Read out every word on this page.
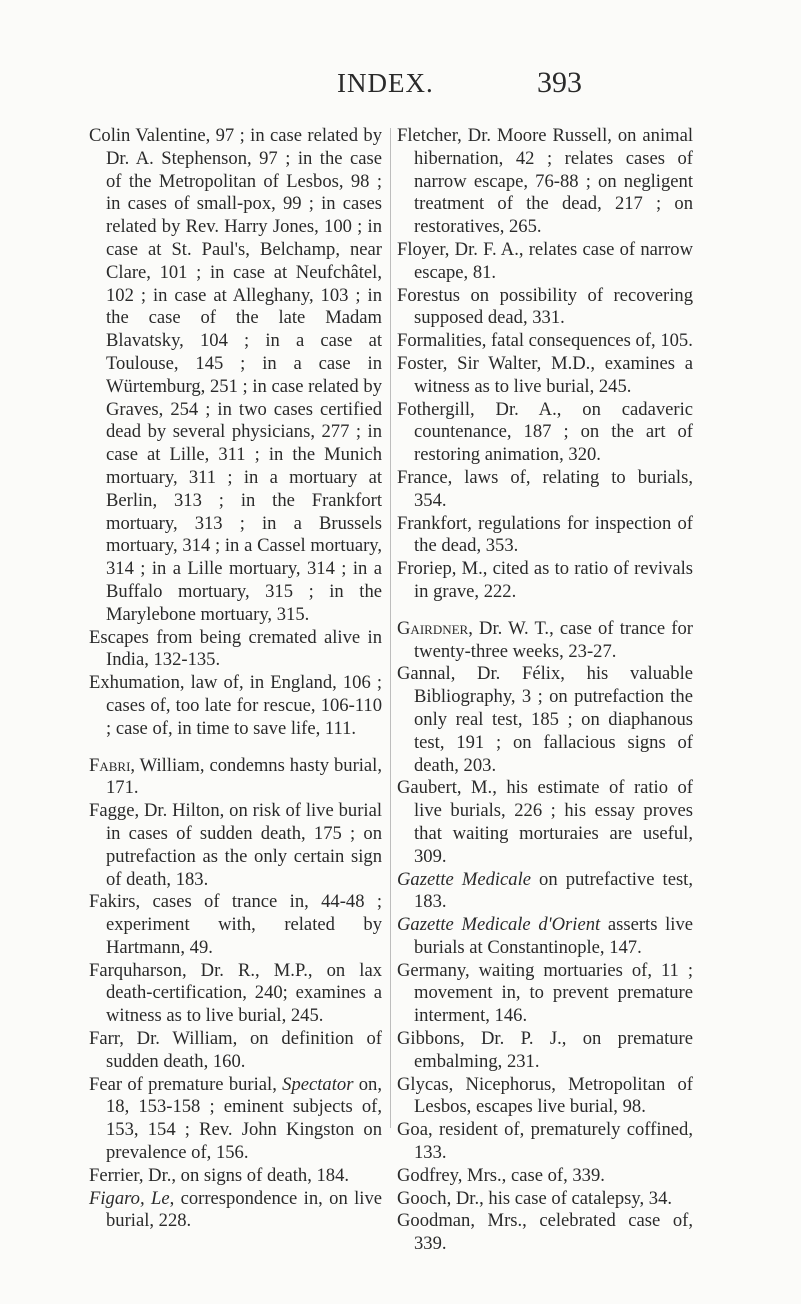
INDEX.	393
Colin Valentine, 97 ; in case related by Dr. A. Stephenson, 97 ; in the case of the Metropolitan of Lesbos, 98 ; in cases of small-pox, 99 ; in cases related by Rev. Harry Jones, 100 ; in case at St. Paul's, Belchamp, near Clare, 101 ; in case at Neufchâtel, 102 ; in case at Alleghany, 103 ; in the case of the late Madam Blavatsky, 104 ; in a case at Toulouse, 145 ; in a case in Würtemburg, 251 ; in case related by Graves, 254 ; in two cases certified dead by several physicians, 277 ; in case at Lille, 311 ; in the Munich mortuary, 311 ; in a mortuary at Berlin, 313 ; in the Frankfort mortuary, 313 ; in a Brussels mortuary, 314 ; in a Cassel mortuary, 314 ; in a Lille mortuary, 314 ; in a Buffalo mortuary, 315 ; in the Marylebone mortuary, 315.
Escapes from being cremated alive in India, 132-135.
Exhumation, law of, in England, 106 ; cases of, too late for rescue, 106-110 ; case of, in time to save life, 111.
Fabri, William, condemns hasty burial, 171.
Fagge, Dr. Hilton, on risk of live burial in cases of sudden death, 175 ; on putrefaction as the only certain sign of death, 183.
Fakirs, cases of trance in, 44-48 ; experiment with, related by Hartmann, 49.
Farquharson, Dr. R., M.P., on lax death-certification, 240; examines a witness as to live burial, 245.
Farr, Dr. William, on definition of sudden death, 160.
Fear of premature burial, Spectator on, 18, 153-158 ; eminent subjects of, 153, 154 ; Rev. John Kingston on prevalence of, 156.
Ferrier, Dr., on signs of death, 184.
Figaro, Le, correspondence in, on live burial, 228.
Fletcher, Dr. Moore Russell, on animal hibernation, 42 ; relates cases of narrow escape, 76-88 ; on negligent treatment of the dead, 217 ; on restoratives, 265.
Floyer, Dr. F. A., relates case of narrow escape, 81.
Forestus on possibility of recovering supposed dead, 331.
Formalities, fatal consequences of, 105.
Foster, Sir Walter, M.D., examines a witness as to live burial, 245.
Fothergill, Dr. A., on cadaveric countenance, 187 ; on the art of restoring animation, 320.
France, laws of, relating to burials, 354.
Frankfort, regulations for inspection of the dead, 353.
Froriep, M., cited as to ratio of revivals in grave, 222.
Gairdner, Dr. W. T., case of trance for twenty-three weeks, 23-27.
Gannal, Dr. Félix, his valuable Bibliography, 3 ; on putrefaction the only real test, 185 ; on diaphanous test, 191 ; on fallacious signs of death, 203.
Gaubert, M., his estimate of ratio of live burials, 226 ; his essay proves that waiting morturaies are useful, 309.
Gazette Medicale on putrefactive test, 183.
Gazette Medicale d'Orient asserts live burials at Constantinople, 147.
Germany, waiting mortuaries of, 11 ; movement in, to prevent premature interment, 146.
Gibbons, Dr. P. J., on premature embalming, 231.
Glycas, Nicephorus, Metropolitan of Lesbos, escapes live burial, 98.
Goa, resident of, prematurely coffined, 133.
Godfrey, Mrs., case of, 339.
Gooch, Dr., his case of catalepsy, 34.
Goodman, Mrs., celebrated case of, 339.
